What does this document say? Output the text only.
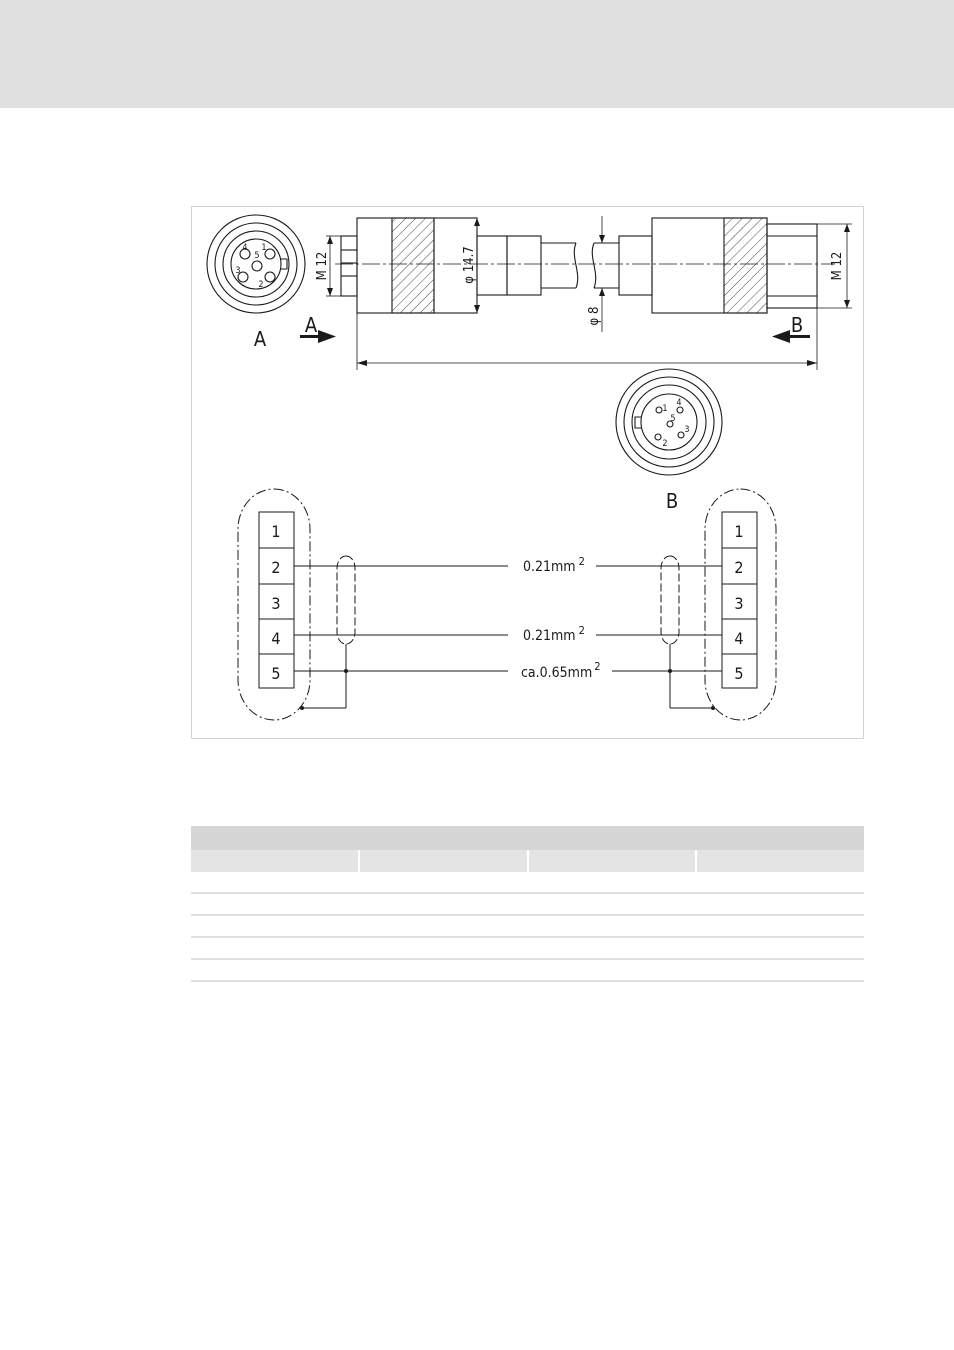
4 1
5
3
2
1
4
5
2
3
A
B
A	B
M 12	M 12
φ 14.7
φ 8
1
2
3
4
5
1
2
3
4
5
0.21mm $^2$
0.21mm $^2$
ca.0.65mm $^2$
